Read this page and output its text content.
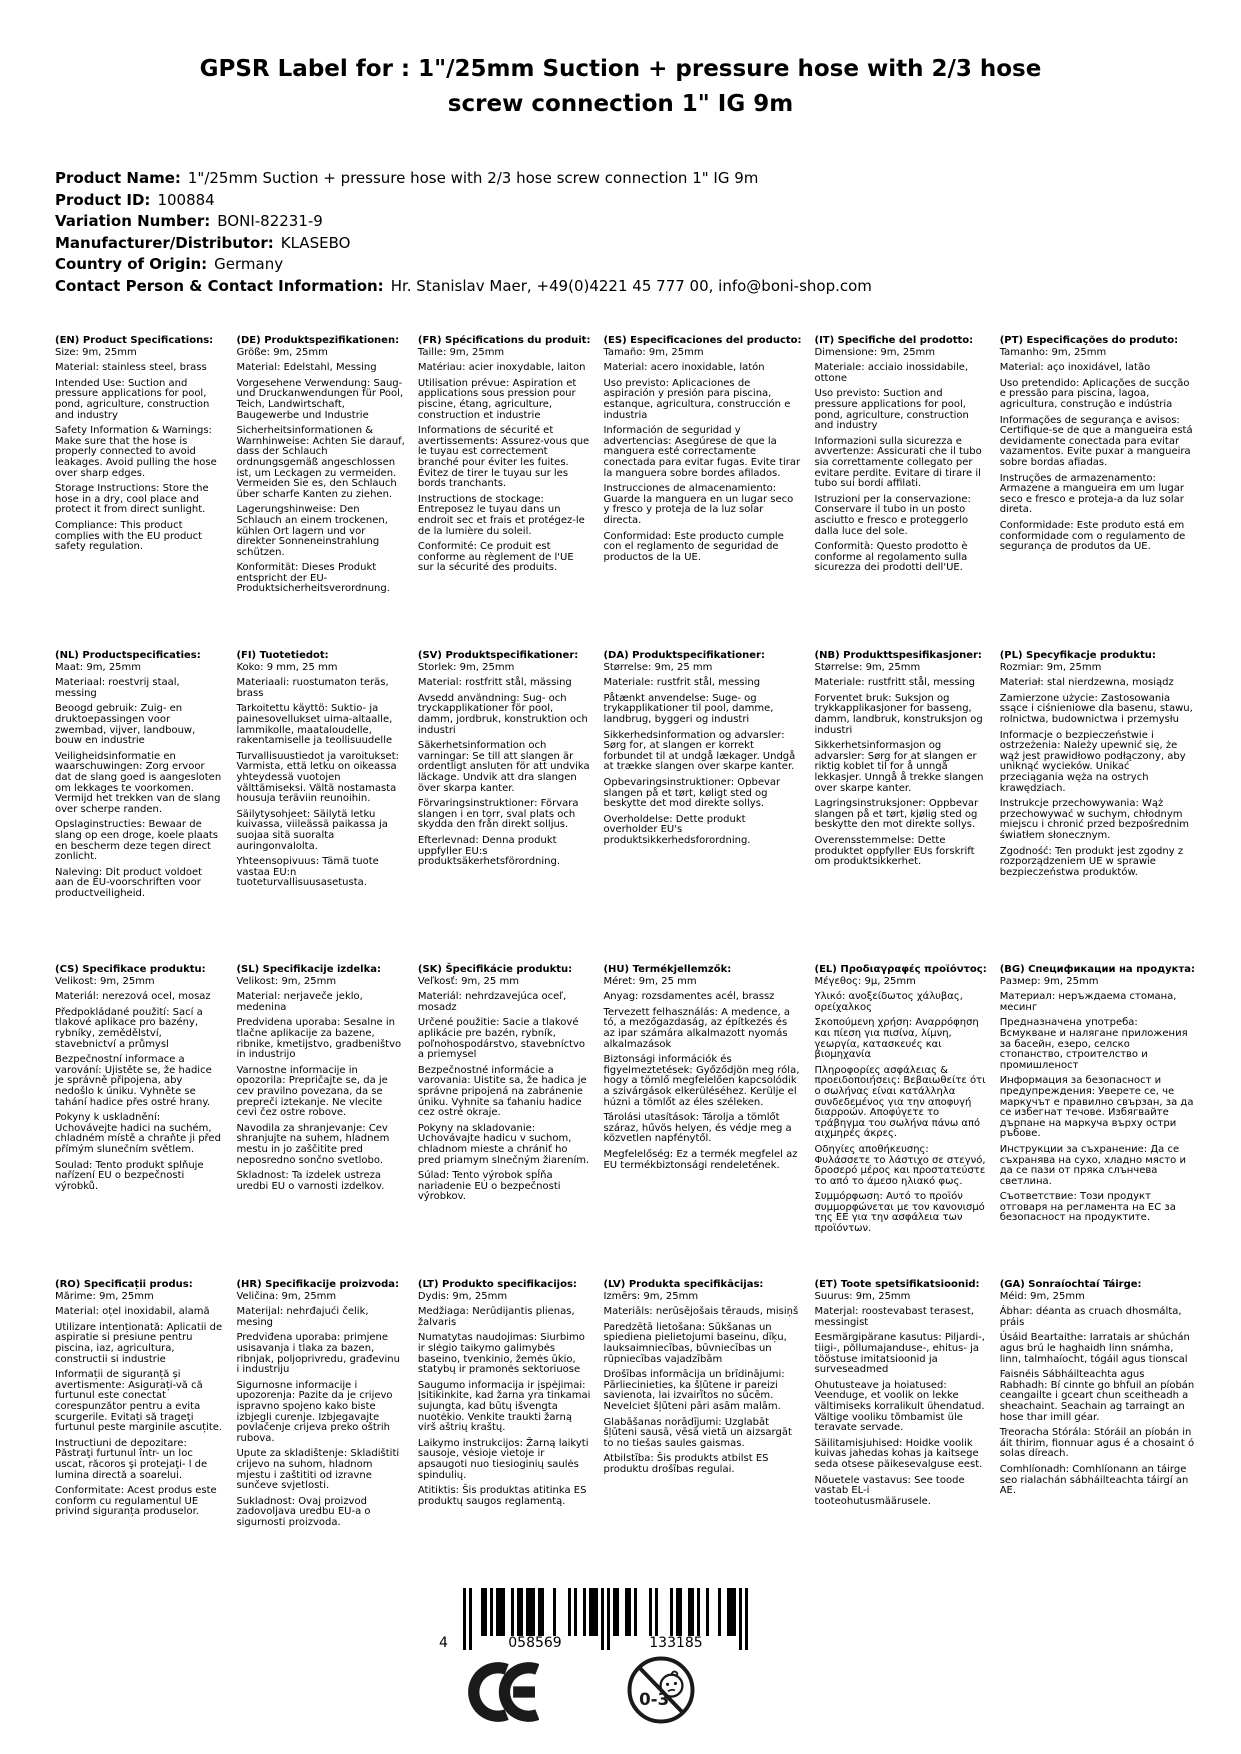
GPSR Label for : 1"/25mm Suction + pressure hose with 2/3 hose screw connection 1" IG 9m
Product Name: 1"/25mm Suction + pressure hose with 2/3 hose screw connection 1" IG 9m
Product ID: 100884
Variation Number: BONI-82231-9
Manufacturer/Distributor: KLASEBO
Country of Origin: Germany
Contact Person & Contact Information: Hr. Stanislav Maer, +49(0)4221 45 777 00, info@boni-shop.com
(EN) Product Specifications:

Size: 9m, 25mm

Material: stainless steel, brass

Intended Use: Suction and pressure applications for pool, pond, agriculture, construction and industry

Safety Information & Warnings: Make sure that the hose is properly connected to avoid leakages. Avoid pulling the hose over sharp edges.

Storage Instructions: Store the hose in a dry, cool place and protect it from direct sunlight.

Compliance: This product complies with the EU product safety regulation.

(DE) Produktspezifikationen:

Größe: 9m, 25mm

Material: Edelstahl, Messing

Vorgesehene Verwendung: Saug- und Druckanwendungen für Pool, Teich, Landwirtschaft, Baugewerbe und Industrie

Sicherheitsinformationen & Warnhinweise: Achten Sie darauf, dass der Schlauch ordnungsgemäß angeschlossen ist, um Leckagen zu vermeiden. Vermeiden Sie es, den Schlauch über scharfe Kanten zu ziehen.

Lagerungshinweise: Den Schlauch an einem trockenen, kühlen Ort lagern und vor direkter Sonneneinstrahlung schützen.

Konformität: Dieses Produkt entspricht der EU-Produktsicherheitsverordnung.

(FR) Spécifications du produit:

Taille: 9m, 25mm

Matériau: acier inoxydable, laiton

Utilisation prévue: Aspiration et applications sous pression pour piscine, étang, agriculture, construction et industrie

Informations de sécurité et avertissements: Assurez-vous que le tuyau est correctement branché pour éviter les fuites. Évitez de tirer le tuyau sur les bords tranchants.

Instructions de stockage: Entreposez le tuyau dans un endroit sec et frais et protégez-le de la lumière du soleil.

Conformité: Ce produit est conforme au règlement de l'UE sur la sécurité des produits.

(ES) Especificaciones del producto:

Tamaño: 9m, 25mm

Material: acero inoxidable, latón

Uso previsto: Aplicaciones de aspiración y presión para piscina, estanque, agricultura, construcción e industria

Información de seguridad y advertencias: Asegúrese de que la manguera esté correctamente conectada para evitar fugas. Evite tirar la manguera sobre bordes afilados.

Instrucciones de almacenamiento: Guarde la manguera en un lugar seco y fresco y proteja de la luz solar directa.

Conformidad: Este producto cumple con el reglamento de seguridad de productos de la UE.

(IT) Specifiche del prodotto:

Dimensione: 9m, 25mm

Materiale: acciaio inossidabile, ottone

Uso previsto: Suction and pressure applications for pool, pond, agriculture, construction and industry

Informazioni sulla sicurezza e avvertenze: Assicurati che il tubo sia correttamente collegato per evitare perdite. Evitare di tirare il tubo sui bordi affilati.

Istruzioni per la conservazione: Conservare il tubo in un posto asciutto e fresco e proteggerlo dalla luce del sole.

Conformità: Questo prodotto è conforme al regolamento sulla sicurezza dei prodotti dell'UE.

(PT) Especificações do produto:

Tamanho: 9m, 25mm

Material: aço inoxidável, latão

Uso pretendido: Aplicações de sucção e pressão para piscina, lagoa, agricultura, construção e indústria

Informações de segurança e avisos: Certifique-se de que a mangueira está devidamente conectada para evitar vazamentos. Evite puxar a mangueira sobre bordas afiadas.

Instruções de armazenamento: Armazene a mangueira em um lugar seco e fresco e proteja-a da luz solar direta.

Conformidade: Este produto está em conformidade com o regulamento de segurança de produtos da UE.

(NL) Productspecificaties:

Maat: 9m, 25mm

Materiaal: roestvrij staal, messing

Beoogd gebruik: Zuig- en druktoepassingen voor zwembad, vijver, landbouw, bouw en industrie

Veiligheidsinformatie en waarschuwingen: Zorg ervoor dat de slang goed is aangesloten om lekkages te voorkomen. Vermijd het trekken van de slang over scherpe randen.

Opslaginstructies: Bewaar de slang op een droge, koele plaats en bescherm deze tegen direct zonlicht.

Naleving: Dit product voldoet aan de EU-voorschriften voor productveiligheid.

(FI) Tuotetiedot:

Koko: 9 mm, 25 mm

Materiaali: ruostumaton teräs, brass

Tarkoitettu käyttö: Suktio- ja painesovellukset uima-altaalle, lammikolle, maataloudelle, rakentamiselle ja teollisuudelle

Turvallisuustiedot ja varoitukset: Varmista, että letku on oikeassa yhteydessä vuotojen välttämiseksi. Vältä nostamasta housuja teräviin reunoihin.

Säilytysohjeet: Säilytä letku kuivassa, viileässä paikassa ja suojaa sitä suoralta auringonvalolta.

Yhteensopivuus: Tämä tuote vastaa EU:n tuoteturvallisuusasetusta.

(SV) Produktspecifikationer:

Storlek: 9m, 25mm

Material: rostfritt stål, mässing

Avsedd användning: Sug- och tryckapplikationer för pool, damm, jordbruk, konstruktion och industri

Säkerhetsinformation och varningar: Se till att slangen är ordentligt ansluten för att undvika läckage. Undvik att dra slangen över skarpa kanter.

Förvaringsinstruktioner: Förvara slangen i en torr, sval plats och skydda den från direkt solljus.

Efterlevnad: Denna produkt uppfyller EU:s produktsäkerhetsförordning.

(DA) Produktspecifikationer:

Størrelse: 9m, 25 mm

Materiale: rustfrit stål, messing

Påtænkt anvendelse: Suge- og trykapplikationer til pool, damme, landbrug, byggeri og industri

Sikkerhedsinformation og advarsler: Sørg for, at slangen er korrekt forbundet til at undgå lækager. Undgå at trække slangen over skarpe kanter.

Opbevaringsinstruktioner: Opbevar slangen på et tørt, køligt sted og beskytte det mod direkte sollys.

Overholdelse: Dette produkt overholder EU's produktsikkerhedsforordning.

(NB) Produkttspesifikasjoner:

Størrelse: 9m, 25mm

Materiale: rustfritt stål, messing

Forventet bruk: Suksjon og trykkapplikasjoner for basseng, damm, landbruk, konstruksjon og industri

Sikkerhetsinformasjon og advarsler: Sørg for at slangen er riktig koblet til for å unngå lekkasjer. Unngå å trekke slangen over skarpe kanter.

Lagringsinstruksjoner: Oppbevar slangen på et tørt, kjølig sted og beskytte den mot direkte sollys.

Overensstemmelse: Dette produktet oppfyller EUs forskrift om produktsikkerhet.

(PL) Specyfikacje produktu:

Rozmiar: 9m, 25mm

Materiał: stal nierdzewna, mosiądz

Zamierzone użycie: Zastosowania ssące i ciśnieniowe dla basenu, stawu, rolnictwa, budownictwa i przemysłu

Informacje o bezpieczeństwie i ostrzeżenia: Należy upewnić się, że wąż jest prawidłowo podłączony, aby uniknąć wycieków. Unikać przeciągania węża na ostrych krawędziach.

Instrukcje przechowywania: Wąż przechowywać w suchym, chłodnym miejscu i chronić przed bezpośrednim światłem słonecznym.

Zgodność: Ten produkt jest zgodny z rozporządzeniem UE w sprawie bezpieczeństwa produktów.

(CS) Specifikace produktu:

Velikost: 9m, 25mm

Materiál: nerezová ocel, mosaz

Předpokládané použití: Sací a tlakové aplikace pro bazény, rybníky, zemědělství, stavebnictví a průmysl

Bezpečnostní informace a varování: Ujistěte se, že hadice je správně připojena, aby nedošlo k úniku. Vyhněte se tahání hadice přes ostré hrany.

Pokyny k uskladnění: Uchovávejte hadici na suchém, chladném místě a chraňte ji před přímým slunečním světlem.

Soulad: Tento produkt splňuje nařízení EU o bezpečnosti výrobků.

(SL) Specifikacije izdelka:

Velikost: 9m, 25mm

Material: nerjaveče jeklo, medenina

Predvidena uporaba: Sesalne in tlačne aplikacije za bazene, ribnike, kmetijstvo, gradbeništvo in industrijo

Varnostne informacije in opozorila: Prepričajte se, da je cev pravilno povezana, da se prepreči iztekanje. Ne vlecite cevi čez ostre robove.

Navodila za shranjevanje: Cev shranjujte na suhem, hladnem mestu in jo zaščitite pred neposredno sončno svetlobo.

Skladnost: Ta izdelek ustreza uredbi EU o varnosti izdelkov.

(SK) Špecifikácie produktu:

Veľkosť: 9m, 25 mm

Materiál: nehrdzavejúca oceľ, mosadz

Určené použitie: Sacie a tlakové aplikácie pre bazén, rybník, poľnohospodárstvo, stavebníctvo a priemysel

Bezpečnostné informácie a varovania: Uistite sa, že hadica je správne pripojená na zabránenie úniku. Vyhnite sa ťahaniu hadice cez ostré okraje.

Pokyny na skladovanie: Uchovávajte hadicu v suchom, chladnom mieste a chrániť ho pred priamym slnečným žiarením.

Súlad: Tento výrobok spĺňa nariadenie EÚ o bezpečnosti výrobkov.

(HU) Termékjellemzők:

Méret: 9m, 25 mm

Anyag: rozsdamentes acél, brassz

Tervezett felhasználás: A medence, a tó, a mezőgazdaság, az építkezés és az ipar számára alkalmazott nyomás alkalmazások

Biztonsági információk és figyelmeztetések: Győződjön meg róla, hogy a tömlő megfelelően kapcsolódik a szivárgások elkerüléséhez. Kerülje el húzni a tömlőt az éles széleken.

Tárolási utasítások: Tárolja a tömlőt száraz, hűvös helyen, és védje meg a közvetlen napfénytől.

Megfelelőség: Ez a termék megfelel az EU termékbiztonsági rendeletének.

(EL) Προδιαγραφές προϊόντος:

Μέγεθος: 9μ, 25mm

Υλικό: ανοξείδωτος χάλυβας, ορείχαλκος

Σκοπούμενη χρήση: Αναρρόφηση και πίεση για πισίνα, λίμνη, γεωργία, κατασκευές και βιομηχανία

Πληροφορίες ασφάλειας & προειδοποιήσεις: Βεβαιωθείτε ότι ο σωλήνας είναι κατάλληλα συνδεδεμένος για την αποφυγή διαρροών. Αποφύγετε το τράβηγμα του σωλήνα πάνω από αιχμηρές άκρες.

Οδηγίες αποθήκευσης: Φυλάσσετε το λάστιχο σε στεγνό, δροσερό μέρος και προστατεύστε το από το άμεσο ηλιακό φως.

Συμμόρφωση: Αυτό το προϊόν συμμορφώνεται με τον κανονισμό της ΕΕ για την ασφάλεια των προϊόντων.

(BG) Спецификации на продукта:

Размер: 9m, 25mm

Материал: неръждаема стомана, месинг

Предназначена употреба: Всмукване и налягане приложения за басейн, езеро, селско стопанство, строителство и промишленост

Информация за безопасност и предупреждения: Уверете се, че маркучът е правилно свързан, за да се избегнат течове. Избягвайте дърпане на маркуча върху остри ръбове.

Инструкции за съхранение: Да се съхранява на сухо, хладно място и да се пази от пряка слънчева светлина.

Съответствие: Този продукт отговаря на регламента на ЕС за безопасност на продуктите.

(RO) Specificații produs:

Mărime: 9m, 25mm

Material: oțel inoxidabil, alamă

Utilizare intenționată: Aplicatii de aspiratie si presiune pentru piscina, iaz, agricultura, constructii si industrie

Informații de siguranță și avertismente: Asigurați-vă că furtunul este conectat corespunzător pentru a evita scurgerile. Evitați să trageţi furtunul peste marginile ascuțite.

Instructiuni de depozitare: Păstraţi furtunul într- un loc uscat, răcoros şi protejaţi- l de lumina directă a soarelui.

Conformitate: Acest produs este conform cu regulamentul UE privind siguranța produselor.

(HR) Specifikacije proizvoda:

Veličina: 9m, 25mm

Materijal: nehrđajući čelik, mesing

Predviđena uporaba: primjene usisavanja i tlaka za bazen, ribnjak, poljoprivredu, građevinu i industriju

Sigurnosne informacije i upozorenja: Pazite da je crijevo ispravno spojeno kako biste izbjegli curenje. Izbjegavajte povlačenje crijeva preko oštrih rubova.

Upute za skladištenje: Skladištiti crijevo na suhom, hladnom mjestu i zaštititi od izravne sunčeve svjetlosti.

Sukladnost: Ovaj proizvod zadovoljava uredbu EU-a o sigurnosti proizvoda.

(LT) Produkto specifikacijos:

Dydis: 9m, 25mm

Medžiaga: Nerūdijantis plienas, žalvaris

Numatytas naudojimas: Siurbimo ir slėgio taikymo galimybės baseino, tvenkinio, žemės ūkio, statybų ir pramonės sektoriuose

Saugumo informacija ir įspėjimai: Įsitikinkite, kad žarna yra tinkamai sujungta, kad būtų išvengta nuotėkio. Venkite traukti žarną virš aštrių kraštų.

Laikymo instrukcijos: Žarną laikyti sausoje, vėsioje vietoje ir apsaugoti nuo tiesioginių saulės spindulių.

Atitiktis: Šis produktas atitinka ES produktų saugos reglamentą.

(LV) Produkta specifikācijas:

Izmērs: 9m, 25mm

Materiāls: nerūsējošais tērauds, misiņš

Paredzētā lietošana: Sūkšanas un spiediena pielietojumi baseinu, dīķu, lauksaimniecības, būvniecības un rūpniecības vajadzībām

Drošības informācija un brīdinājumi: Pārliecinieties, ka šļūtene ir pareizi savienota, lai izvairītos no sūcēm. Nevelciet šļūteni pāri asām malām.

Glabāšanas norādījumi: Uzglabāt šļūteni sausā, vēsā vietā un aizsargāt to no tiešas saules gaismas.

Atbilstība: Šis produkts atbilst ES produktu drošības regulai.

(ET) Toote spetsifikatsioonid:

Suurus: 9m, 25mm

Materjal: roostevabast terasest, messingist

Eesmärgipärane kasutus: Piljardi-, tiigi-, põllumajanduse-, ehitus- ja tööstuse imitatsioonid ja surveseadmed

Ohutusteave ja hoiatused: Veenduge, et voolik on lekke vältimiseks korralikult ühendatud. Vältige vooliku tõmbamist üle teravate servade.

Säilitamisjuhised: Hoidke voolik kuivas jahedas kohas ja kaitsege seda otsese päikesevalguse eest.

Nõuetele vastavus: See toode vastab EL-i tooteohutusmäärusele.

(GA) Sonraíochtaí Táirge:

Méid: 9m, 25mm

Ábhar: déanta as cruach dhosmálta, práis

Úsáid Beartaithe: Iarratais ar shúchán agus brú le haghaidh linn snámha, linn, talmhaíocht, tógáil agus tionscal

Faisnéis Sábháilteachta agus Rabhadh: Bí cinnte go bhfuil an píobán ceangailte i gceart chun sceitheadh a sheachaint. Seachain ag tarraingt an hose thar imill géar.

Treoracha Stórála: Stóráil an píobán in áit thirim, fionnuar agus é a chosaint ó solas díreach.

Comhlíonadh: Comhlíonann an táirge seo rialachán sábháilteachta táirgí an AE.

4	058569	133185
0-3
